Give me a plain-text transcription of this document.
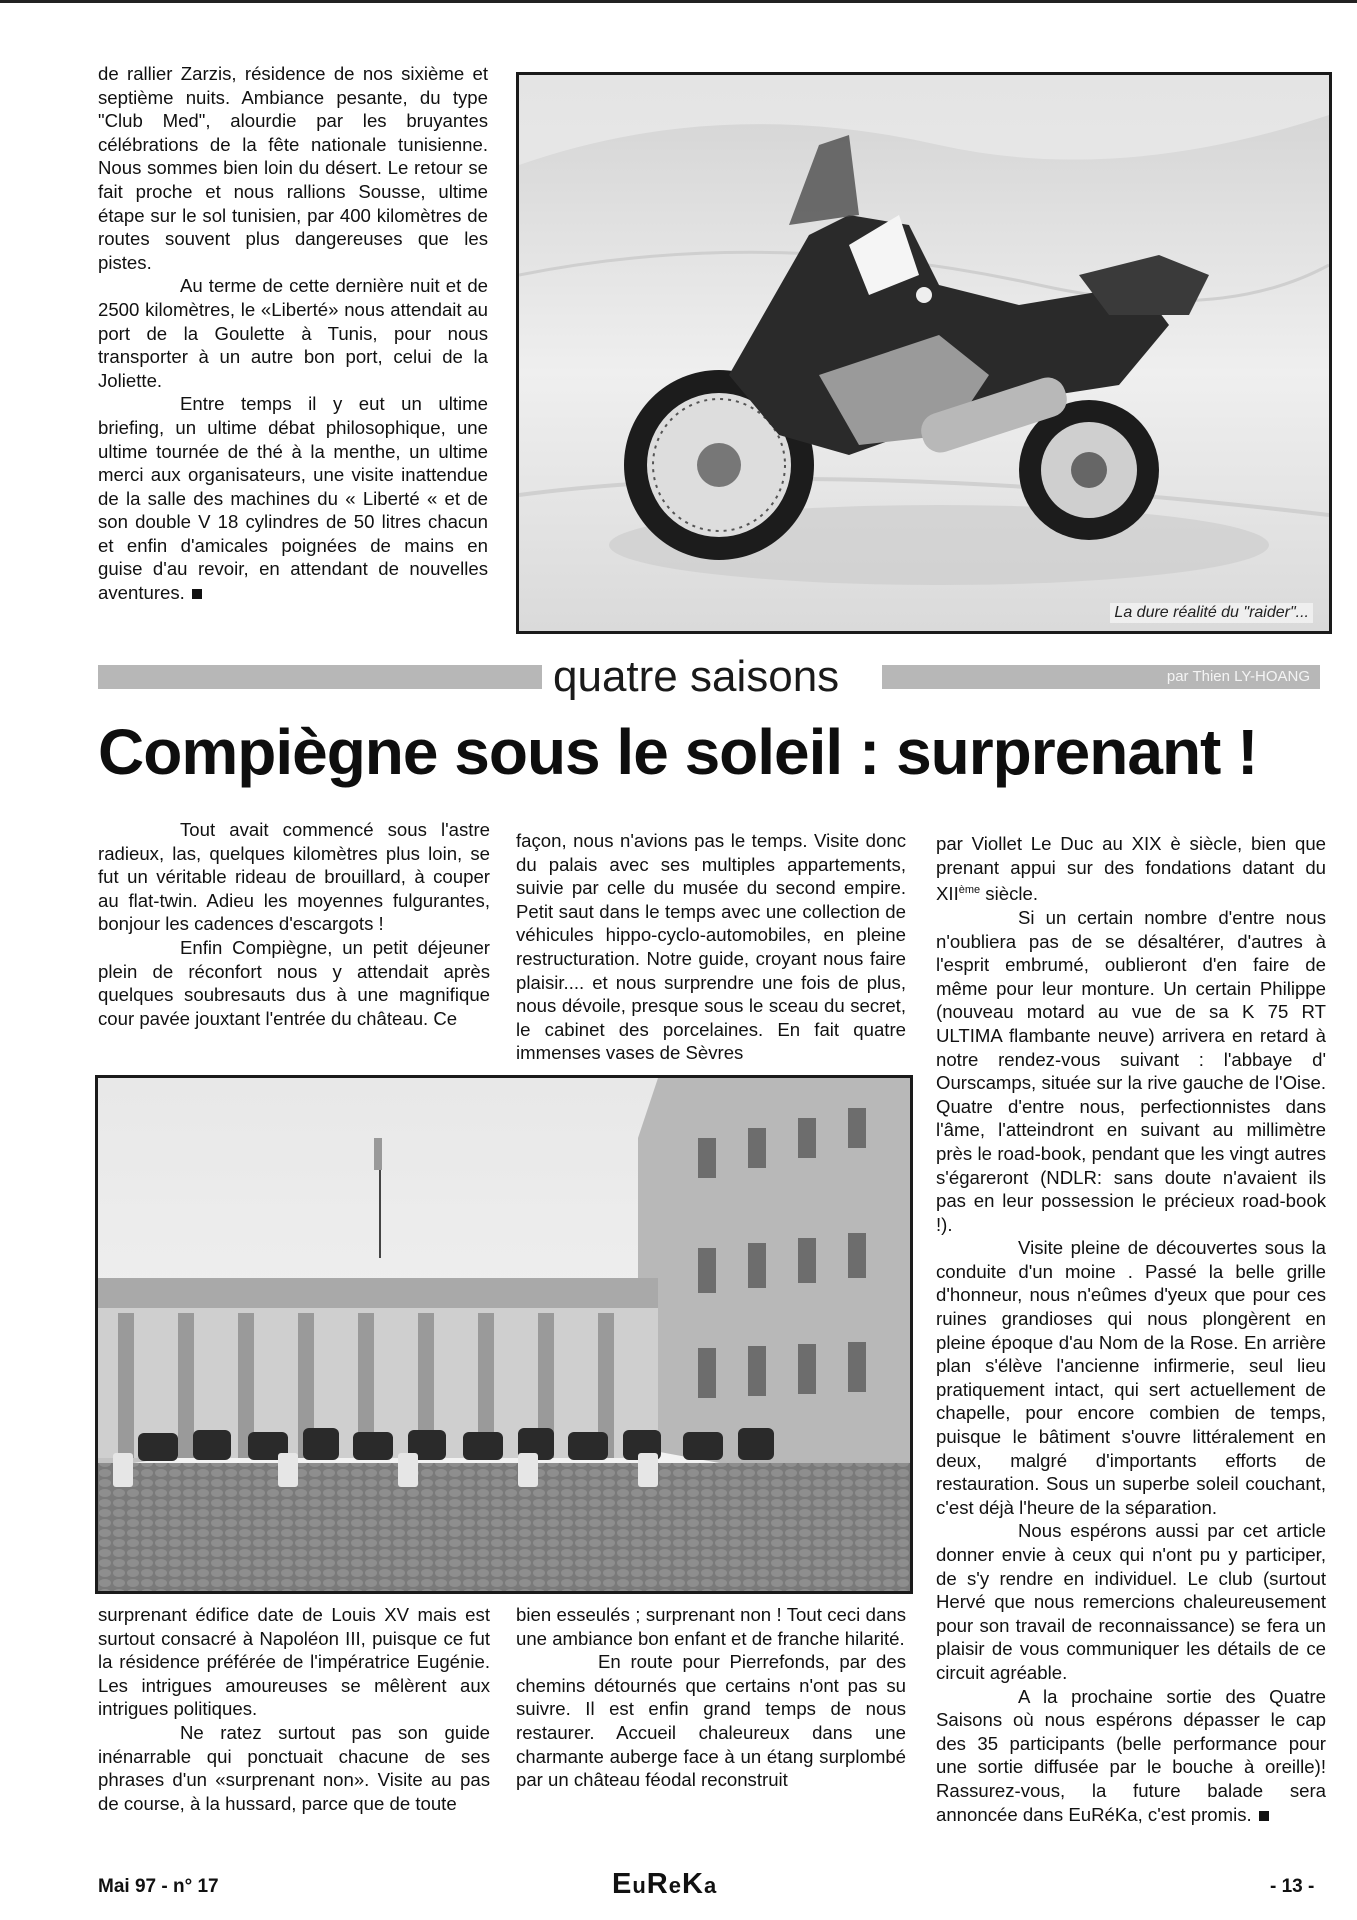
de rallier Zarzis, résidence de nos sixième et septième nuits. Ambiance pesante, du type "Club Med", alourdie par les bruyantes célébrations de la fête nationale tunisienne. Nous sommes bien loin du désert. Le retour se fait proche et nous rallions Sousse, ultime étape sur le sol tunisien, par 400 kilomètres de routes souvent plus dangereuses que les pistes.

Au terme de cette dernière nuit et de 2500 kilomètres, le «Liberté» nous attendait au port de la Goulette à Tunis, pour nous transporter à un autre bon port, celui de la Joliette.

Entre temps il y eut un ultime briefing, un ultime débat philosophique, une ultime tournée de thé à la menthe, un ultime merci aux organisateurs, une visite inattendue de la salle des machines du « Liberté « et de son double V 18 cylindres de 50 litres chacun et enfin d'amicales poignées de mains en guise d'au revoir, en attendant de nouvelles aventures.

La dure réalité du "raider"...
quatre saisons	par Thien LY-HOANG
Compiègne sous le soleil : surprenant !

Tout avait commencé sous l'astre radieux, las, quelques kilomètres plus loin, se fut un véritable rideau de brouillard, à couper au flat-twin. Adieu les moyennes fulgurantes, bonjour les cadences d'escargots !

Enfin Compiègne, un petit déjeuner plein de réconfort nous y attendait après quelques soubresauts dus à une magnifique cour pavée jouxtant l'entrée du château. Ce

façon, nous n'avions pas le temps. Visite donc du palais avec ses multiples appartements, suivie par celle du musée du second empire. Petit saut dans le temps avec une collection de véhicules hippo-cyclo-automobiles, en pleine restructuration. Notre guide, croyant nous faire plaisir.... et nous surprendre une fois de plus, nous dévoile, presque sous le sceau du secret, le cabinet des porcelaines. En fait quatre immenses vases de Sèvres

par Viollet Le Duc au XIX è siècle, bien que prenant appui sur des fondations datant du XIIème siècle.

Si un certain nombre d'entre nous n'oubliera pas de se désaltérer, d'autres à l'esprit embrumé, oublieront d'en faire de même pour leur monture. Un certain Philippe (nouveau motard au vue de sa K 75 RT ULTIMA flambante neuve) arrivera en retard à notre rendez-vous suivant : l'abbaye d' Ourscamps, située sur la rive gauche de l'Oise. Quatre d'entre nous, perfectionnistes dans l'âme, l'atteindront en suivant au millimètre près le road-book, pendant que les vingt autres s'égareront (NDLR: sans doute n'avaient ils pas en leur possession le précieux road-book !).

Visite pleine de découvertes sous la conduite d'un moine . Passé la belle grille d'honneur, nous n'eûmes d'yeux que pour ces ruines grandioses qui nous plongèrent en pleine époque d'au Nom de la Rose. En arrière plan s'élève l'ancienne infirmerie, seul lieu pratiquement intact, qui sert actuellement de chapelle, pour encore combien de temps, puisque le bâtiment s'ouvre littéralement en deux, malgré d'importants efforts de restauration. Sous un superbe soleil couchant, c'est déjà l'heure de la séparation.

Nous espérons aussi par cet article donner envie à ceux qui n'ont pu y participer, de s'y rendre en individuel. Le club (surtout Hervé que nous remercions chaleureusement pour son travail de reconnaissance) se fera un plaisir de vous communiquer les détails de ce circuit agréable.

A la prochaine sortie des Quatre Saisons où nous espérons dépasser le cap des 35 participants (belle performance pour une sortie diffusée par le bouche à oreille)! Rassurez-vous, la future balade sera annoncée dans EuRéKa, c'est promis.

surprenant édifice date de Louis XV mais est surtout consacré à Napoléon III, puisque ce fut la résidence préférée de l'impératrice Eugénie. Les intrigues amoureuses se mêlèrent aux intrigues politiques.

Ne ratez surtout pas son guide inénarrable qui ponctuait chacune de ses phrases d'un «surprenant non». Visite au pas de course, à la hussard, parce que de toute

bien esseulés ; surprenant non ! Tout ceci dans une ambiance bon enfant et de franche hilarité.

En route pour Pierrefonds, par des chemins détournés que certains n'ont pas su suivre. Il est enfin grand temps de nous restaurer. Accueil chaleureux dans une charmante auberge face à un étang surplombé par un château féodal reconstruit

Mai 97 - n° 17	EuReKa	- 13 -
